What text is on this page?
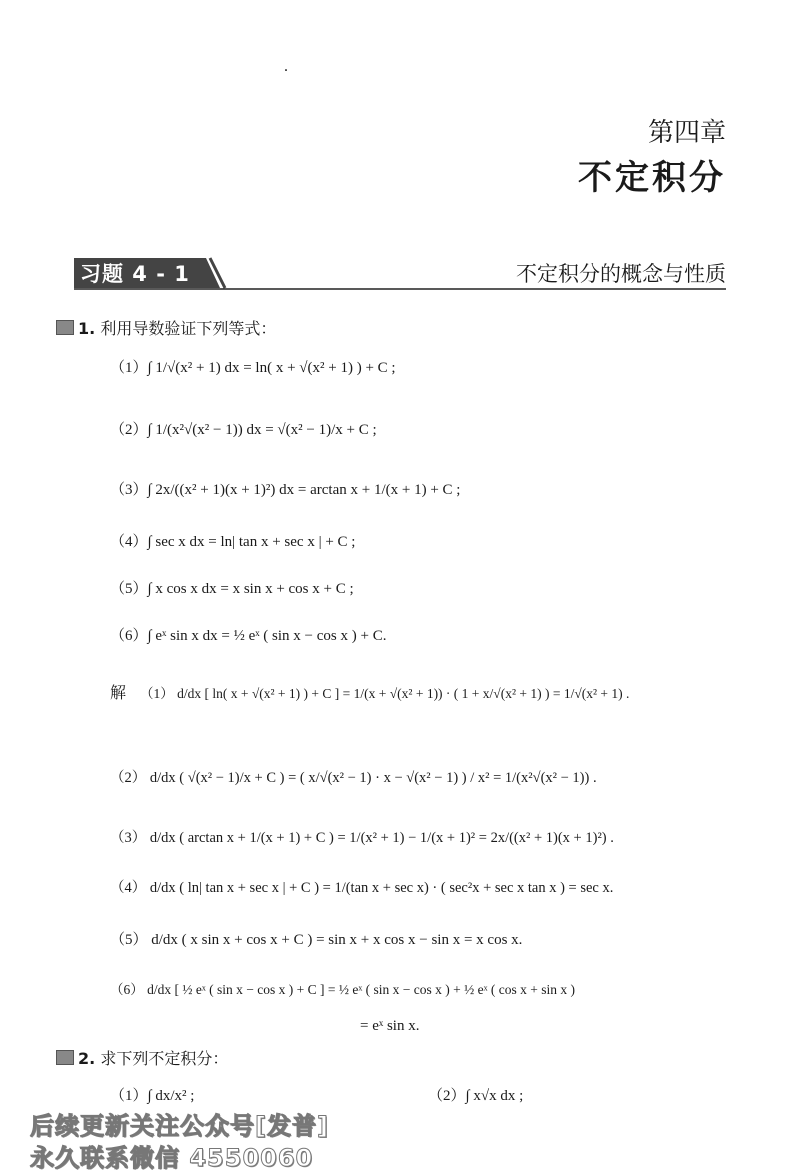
.
第四章
不定积分
习题 4 - 1	不定积分的概念与性质
1. 利用导数验证下列等式：
（1）∫ 1/√(x² + 1) dx = ln( x + √(x² + 1) ) + C ;
（2）∫ 1/(x²√(x² − 1)) dx = √(x² − 1)/x + C ;
（3）∫ 2x/((x² + 1)(x + 1)²) dx = arctan x + 1/(x + 1) + C ;
（4）∫ sec x dx = ln| tan x + sec x | + C ;
（5）∫ x cos x dx = x sin x + cos x + C ;
（6）∫ eˣ sin x dx = ½ eˣ ( sin x − cos x ) + C.
解 （1） d/dx [ ln( x + √(x² + 1) ) + C ] = 1/(x + √(x² + 1)) · ( 1 + x/√(x² + 1) ) = 1/√(x² + 1) .
（2） d/dx ( √(x² − 1)/x + C ) = ( x/√(x² − 1) · x − √(x² − 1) ) / x² = 1/(x²√(x² − 1)) .
（3） d/dx ( arctan x + 1/(x + 1) + C ) = 1/(x² + 1) − 1/(x + 1)² = 2x/((x² + 1)(x + 1)²) .
（4） d/dx ( ln| tan x + sec x | + C ) = 1/(tan x + sec x) · ( sec²x + sec x tan x ) = sec x.
（5） d/dx ( x sin x + cos x + C ) = sin x + x cos x − sin x = x cos x.
（6） d/dx [ ½ eˣ ( sin x − cos x ) + C ] = ½ eˣ ( sin x − cos x ) + ½ eˣ ( cos x + sin x )
= eˣ sin x.
2. 求下列不定积分：
（1）∫ dx/x² ;	（2）∫ x√x dx ;
后续更新关注公众号[发普]
永久联系微信 4550060
